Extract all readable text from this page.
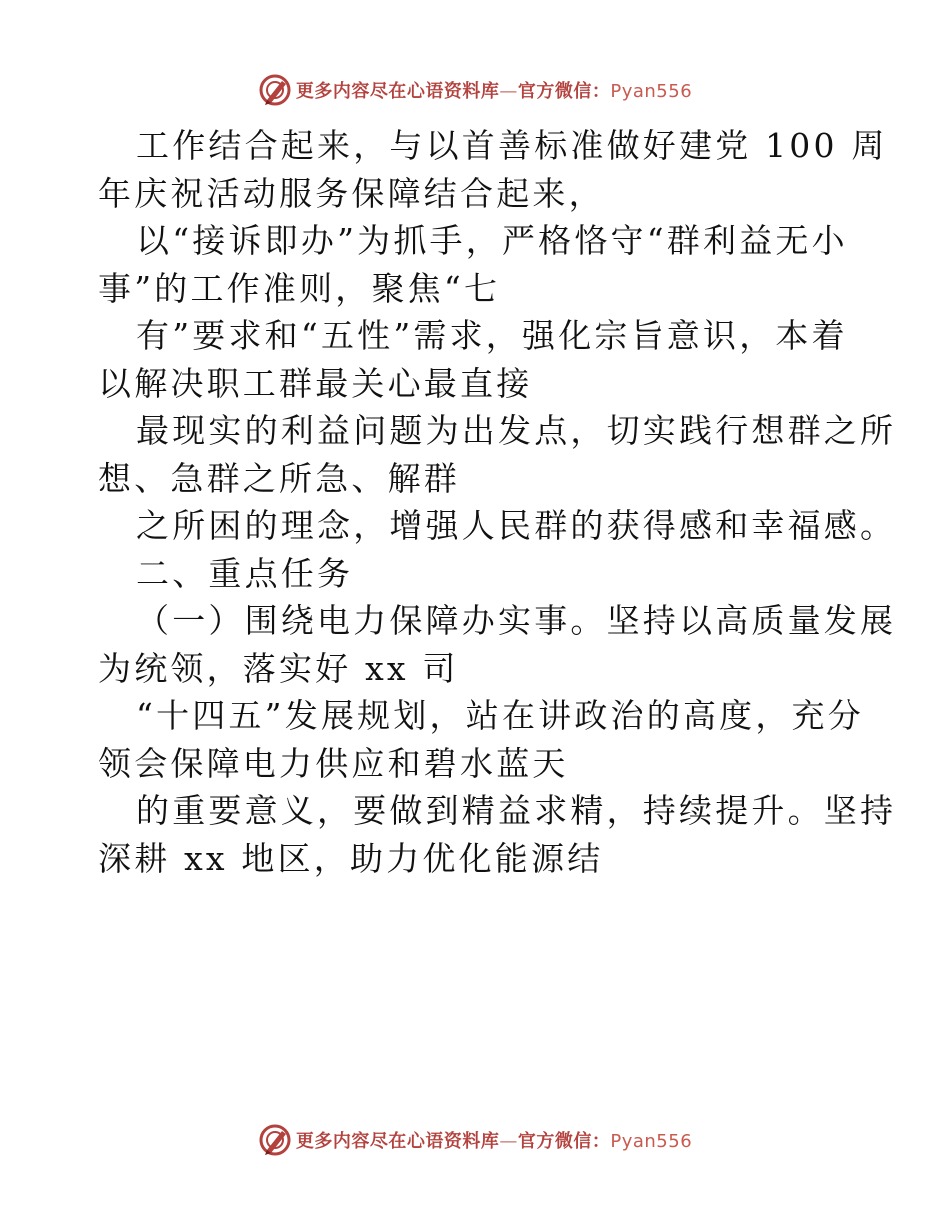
更多内容尽在心语资料库—官方微信：Pyan556

工作结合起来，与以首善标准做好建党 100 周

年庆祝活动服务保障结合起来，

以“接诉即办”为抓手，严格恪守“群利益无小

事”的工作准则，聚焦“七

有”要求和“五性”需求，强化宗旨意识，本着

以解决职工群最关心最直接

最现实的利益问题为出发点，切实践行想群之所

想、急群之所急、解群

之所困的理念，增强人民群的获得感和幸福感。

二、重点任务

（一）围绕电力保障办实事。坚持以高质量发展

为统领，落实好 xx 司

“十四五”发展规划，站在讲政治的高度，充分

领会保障电力供应和碧水蓝天

的重要意义，要做到精益求精，持续提升。坚持

深耕 xx 地区，助力优化能源结

更多内容尽在心语资料库—官方微信：Pyan556
